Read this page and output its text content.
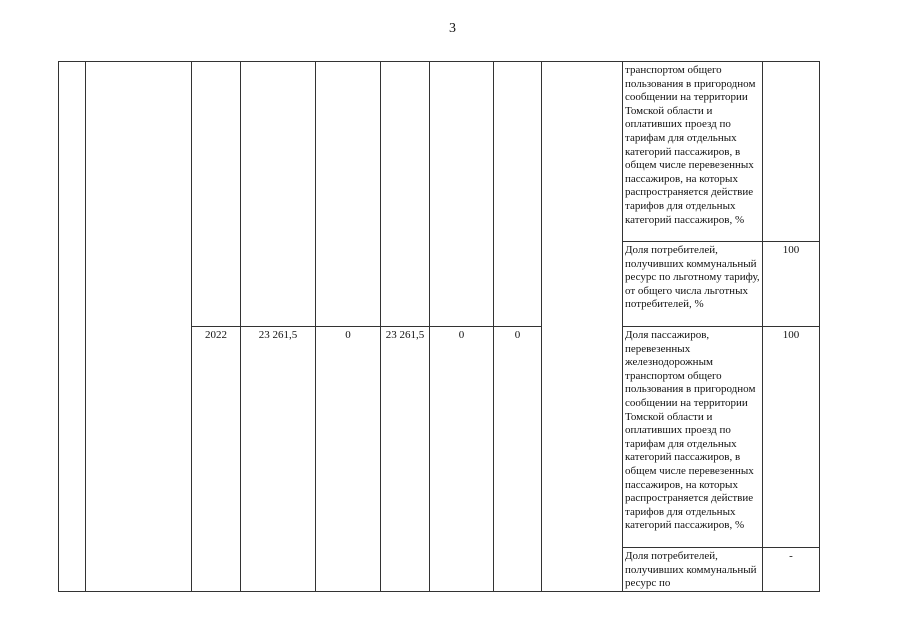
3
									транспортом общего пользования в пригородном сообщении на территории Томской области и оплативших проезд по тарифам для отдельных категорий пассажиров, в общем числе перевезенных пассажиров, на которых распространяется действие тарифов для отдельных категорий пассажиров, %	
									Доля потребителей, получивших коммунальный ресурс по льготному тарифу, от общего числа льготных потребителей, %	100
		2022	23 261,5	0	23 261,5	0	0		Доля пассажиров, перевезенных железнодорожным транспортом общего пользования в пригородном сообщении на территории Томской области и оплативших проезд по тарифам для отдельных категорий пассажиров, в общем числе перевезенных пассажиров, на которых распространяется действие тарифов для отдельных категорий пассажиров, %	100
									Доля потребителей, получивших коммунальный ресурс по	-
